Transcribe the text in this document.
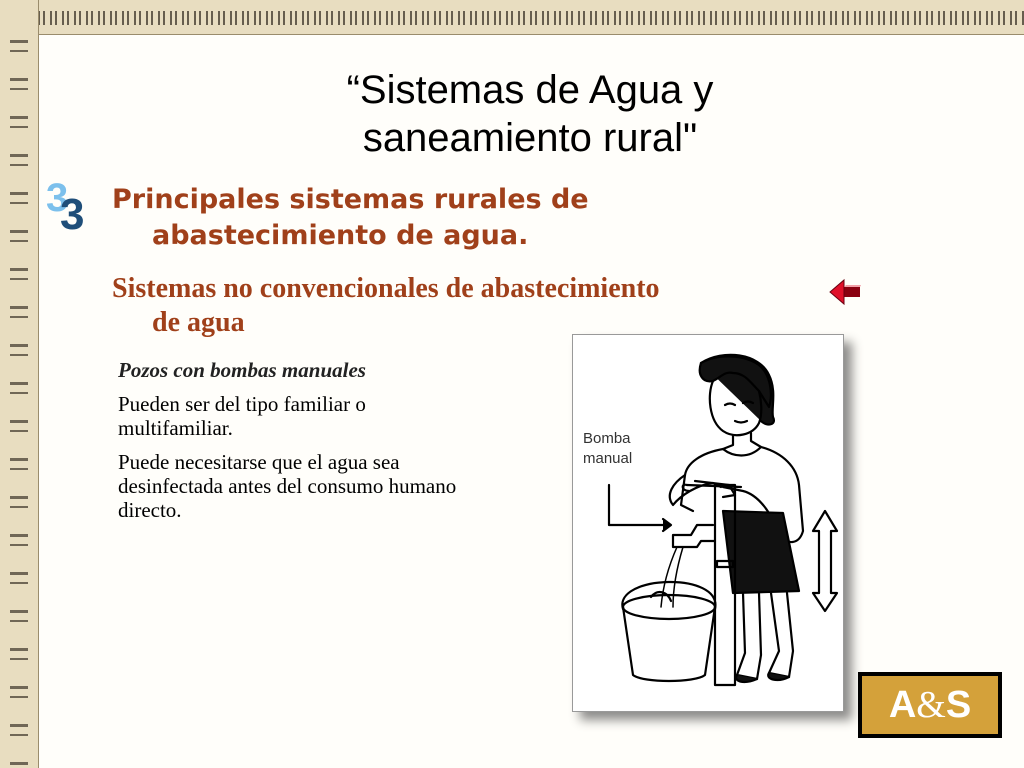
“Sistemas de Agua y
saneamiento rural"
3
3 Principales sistemas rurales de
abastecimiento de agua.
Sistemas no convencionales de abastecimiento
de agua

Pozos con bombas manuales

Pueden ser del tipo familiar o multifamiliar.

Puede necesitarse que el agua sea desinfectada antes del consumo humano directo.

Bomba
manual
A & S
